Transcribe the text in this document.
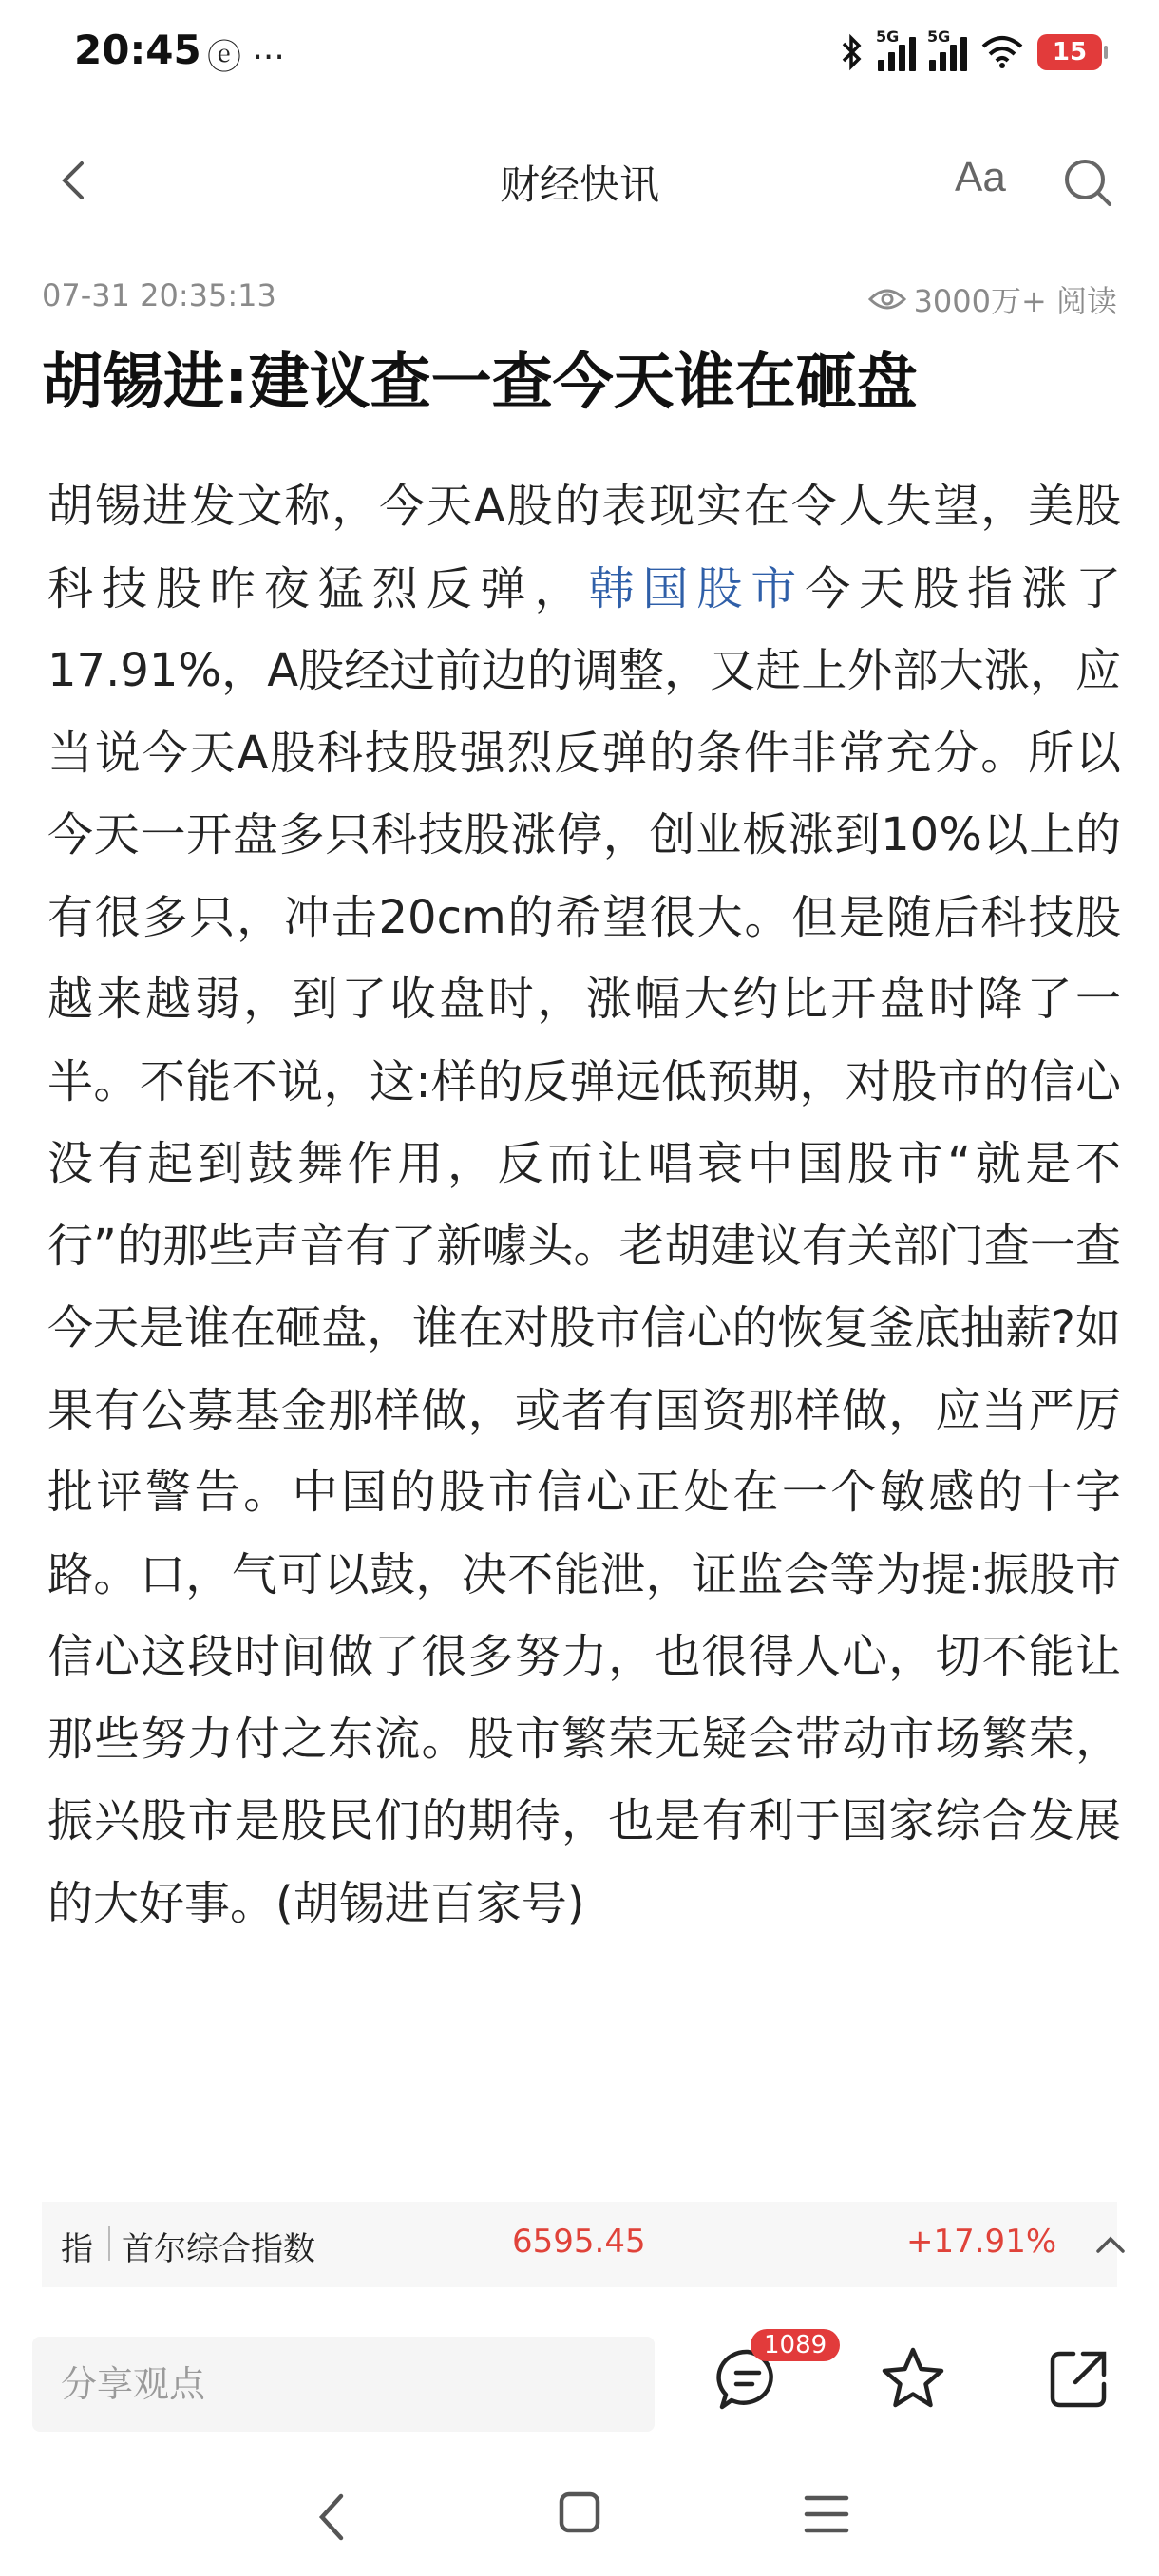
20:45 ⓔ ···
5G 5G
15
财经快讯	Aa
07-31 20:35:13	3000万+ 阅读
胡锡进:建议查一查今天谁在砸盘
胡锡进发文称，今天A股的表现实在令人失望，美股科技股昨夜猛烈反弹，韩国股市今天股指涨了17.91%，A股经过前边的调整，又赶上外部大涨，应当说今天A股科技股强烈反弹的条件非常充分。所以今天一开盘多只科技股涨停，创业板涨到10%以上的有很多只，冲击20cm的希望很大。但是随后科技股越来越弱，到了收盘时，涨幅大约比开盘时降了一半。不能不说，这:样的反弹远低预期，对股市的信心没有起到鼓舞作用，反而让唱衰中国股市“就是不行”的那些声音有了新噱头。老胡建议有关部门查一查今天是谁在砸盘，谁在对股市信心的恢复釜底抽薪?如果有公募基金那样做，或者有国资那样做，应当严厉批评警告。中国的股市信心正处在一个敏感的十字路。口，气可以鼓，决不能泄，证监会等为提:振股市信心这段时间做了很多努力，也很得人心，切不能让那些努力付之东流。股市繁荣无疑会带动市场繁荣，振兴股市是股民们的期待，也是有利于国家综合发展的大好事。(胡锡进百家号)
指 首尔综合指数	6595.45	+17.91%
分享观点
1089
